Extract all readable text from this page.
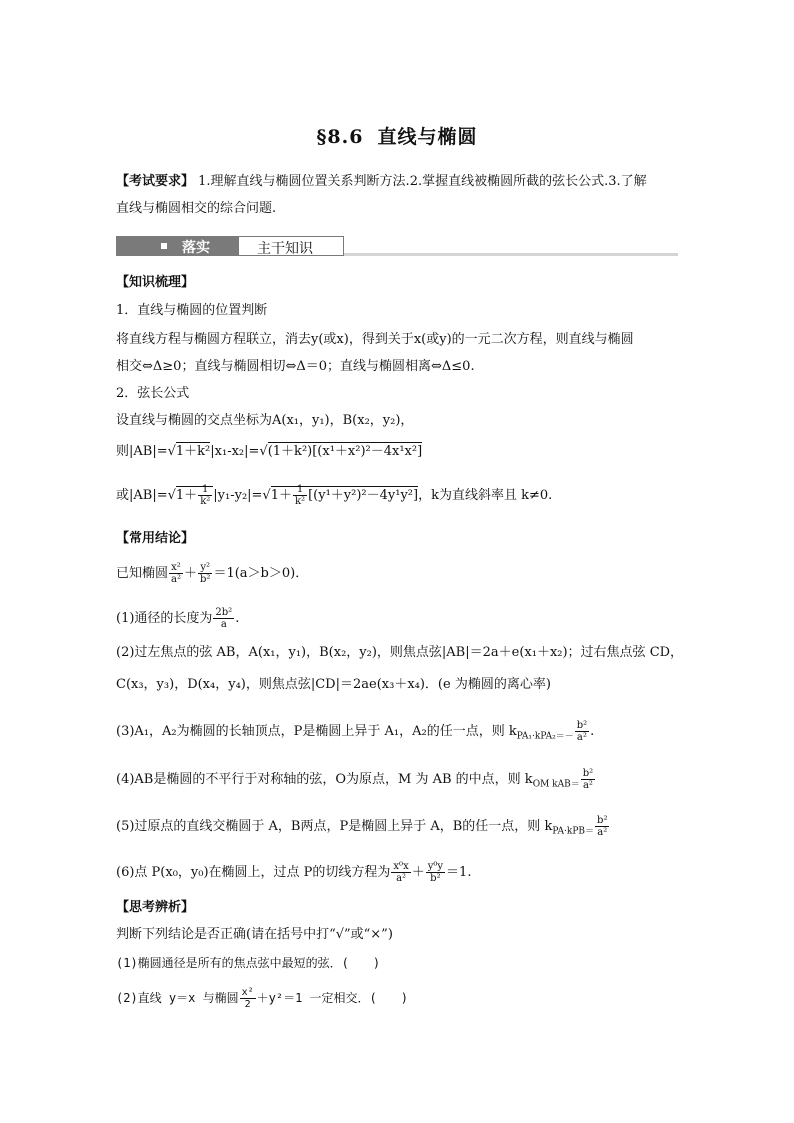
§8.6 直线与椭圆
【考试要求】 1.理解直线与椭圆位置关系判断方法.2.掌握直线被椭圆所截的弦长公式.3.了解
直线与椭圆相交的综合问题.
落实	主干知识
【知识梳理】
1．直线与椭圆的位置判断
将直线方程与椭圆方程联立，消去y(或x)，得到关于x(或y)的一元二次方程，则直线与椭圆
相交⇔Δ≥0；直线与椭圆相切⇔Δ＝0；直线与椭圆相离⇔Δ≤0.
2．弦长公式
设直线与椭圆的交点坐标为A(x₁，y₁)，B(x₂，y₂)，
则|AB|=√1＋k²|x₁-x₂|=√(1＋k²)[(x¹＋x²)²－4x¹x²]
或$|AB|=√1+ \frac{1}{\text{k²}} |y_1-y_2|=√1+ \frac{1}{\text{k²}} [(y^1+y^2)^2-4y^1y^2]$，k为直线斜率且 k≠0.
【常用结论】
已知椭圆 $\frac{\text{x²}}{\text{a²}} + \frac{\text{y²}}{\text{b²}} =1(a>b>0)$．
(1)通径的长度为 $\frac{\text{2b²}}{a}$ .
(2)过左焦点的弦 AB，A(x₁，y₁)，B(x₂，y₂)，则焦点弦|AB|＝2a＋e(x₁＋x₂)；过右焦点弦 CD，
C(x₃，y₃)，D(x₄，y₄)，则焦点弦|CD|＝2ae(x₃＋x₄)．(e 为椭圆的离心率)
(3)A₁，A₂为椭圆的长轴顶点，P是椭圆上异于 A₁，A₂的任一点，则 $k_{PA_1\cdot kPA_2=-} \frac{\text{b²}}{\text{a²}}$ .
(4)AB是椭圆的不平行于对称轴的弦，O为原点，M 为 AB 的中点，则 $k_{OM kAB=} \frac{\text{b²}}{\text{a²}}$
(5)过原点的直线交椭圆于 A，B两点，P是椭圆上异于 A，B的任一点，则 $k_{PA\cdot kPB=} \frac{\text{b²}}{\text{a²}}$
(6)点 P(x₀，y₀)在椭圆上，过点 P的切线方程为 $\frac{\text{x⁰x}}{\text{a²}} + \frac{\text{y⁰y}}{\text{b²}} =1$.
【思考辨析】
判断下列结论是否正确(请在括号中打“√”或“×”)
(1)椭圆通径是所有的焦点弦中最短的弦．(　　)
(2)直线 y＝x 与椭圆 $\frac{\text{x²}}{2} +y^2=1$ 一定相交．(　　)
